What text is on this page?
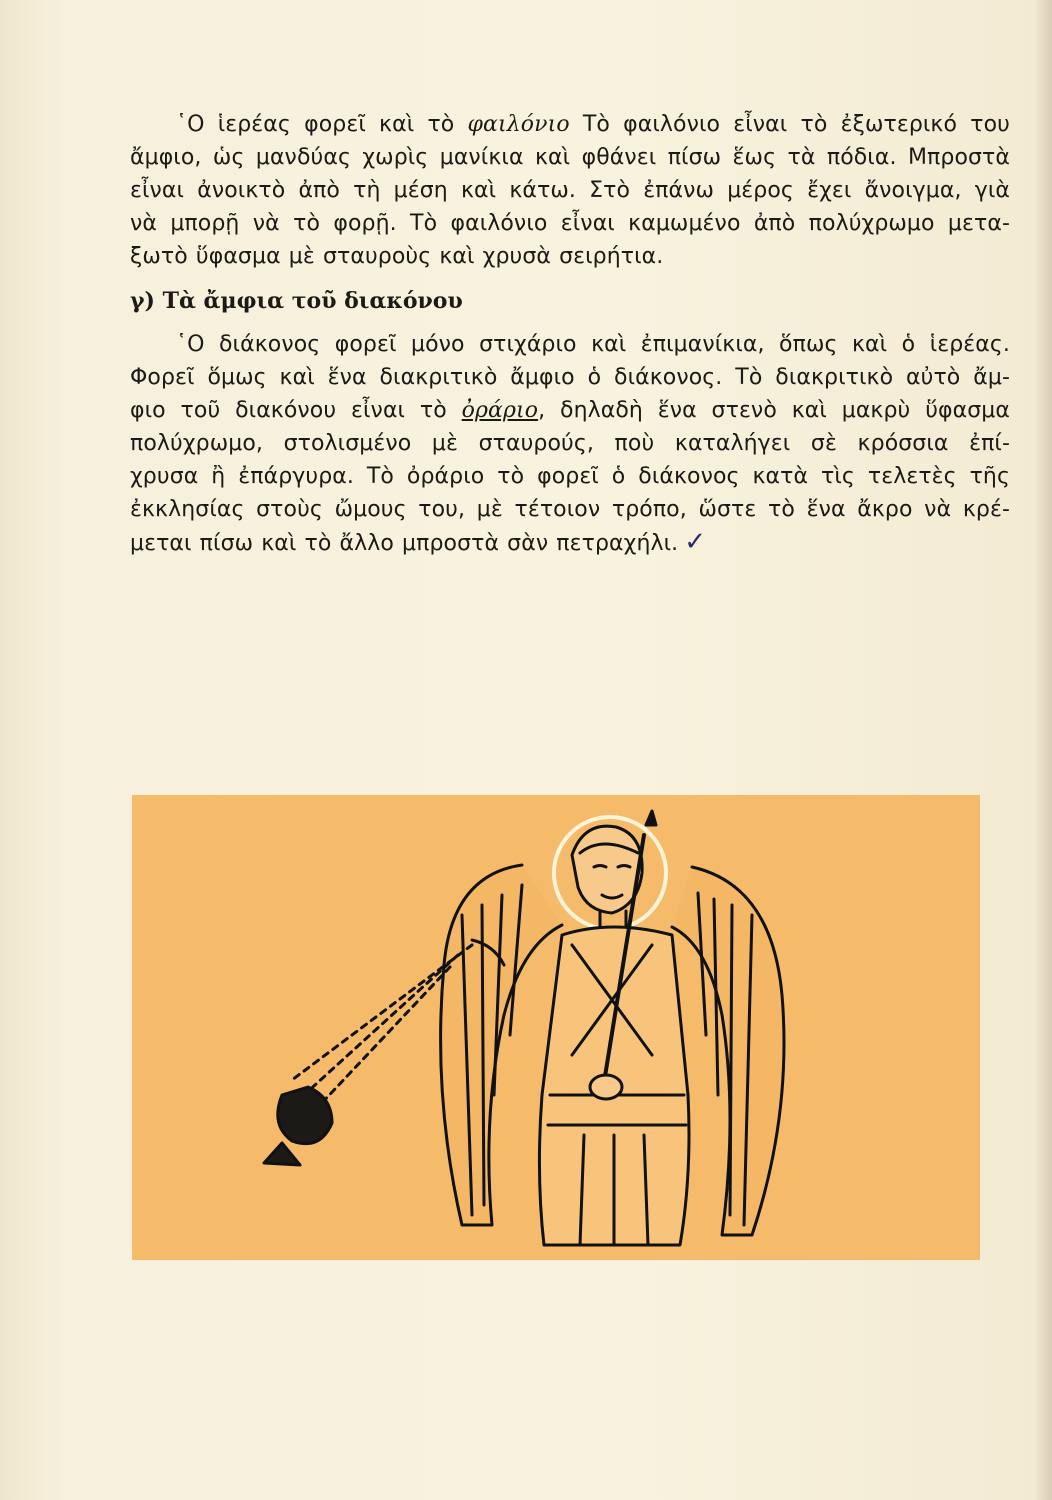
῾Ο ἱερέας φορεῖ καὶ τὸ φαιλόνιο Τὸ φαιλόνιο εἶναι τὸ ἐξωτερικό του
ἄμφιο, ὡς μανδύας χωρὶς μανίκια καὶ φθάνει πίσω ἕως τὰ πόδια. Μπροστὰ
εἶναι ἀνοικτὸ ἀπὸ τὴ μέση καὶ κάτω. Στὸ ἐπάνω μέρος ἔχει ἄνοιγμα, γιὰ
νὰ μπορῇ νὰ τὸ φορῇ. Τὸ φαιλόνιο εἶναι καμωμένο ἀπὸ πολύχρωμο μετα-
ξωτὸ ὕφασμα μὲ σταυροὺς καὶ χρυσὰ σειρήτια.
γ) Τὰ ἄμφια τοῦ διακόνου
῾Ο διάκονος φορεῖ μόνο στιχάριο καὶ ἐπιμανίκια, ὅπως καὶ ὁ ἱερέας.
Φορεῖ ὅμως καὶ ἕνα διακριτικὸ ἄμφιο ὁ διάκονος. Τὸ διακριτικὸ αὐτὸ ἄμ-
φιο τοῦ διακόνου εἶναι τὸ ὀράριο, δηλαδὴ ἕνα στενὸ καὶ μακρὺ ὕφασμα
πολύχρωμο, στολισμένο μὲ σταυρούς, ποὺ καταλήγει σὲ κρόσσια ἐπί-
χρυσα ἢ ἐπάργυρα. Τὸ ὀράριο τὸ φορεῖ ὁ διάκονος κατὰ τὶς τελετὲς τῆς
ἐκκλησίας στοὺς ὤμους του, μὲ τέτοιον τρόπο, ὥστε τὸ ἕνα ἄκρο νὰ κρέ-
μεται πίσω καὶ τὸ ἄλλο μπροστὰ σὰν πετραχήλι. ✓
